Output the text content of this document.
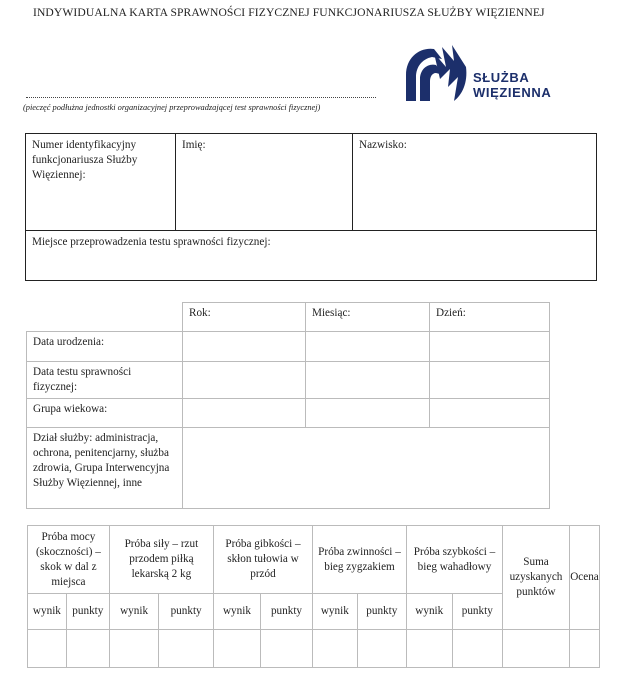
INDYWIDUALNA KARTA SPRAWNOŚCI FIZYCZNEJ FUNKCJONARIUSZA SŁUŻBY WIĘZIENNEJ
SŁUŻBA
WIĘZIENNA
(pieczęć podłużna jednostki organizacyjnej przeprowadzającej test sprawności fizycznej)
Numer identyfikacyjny funkcjonariusza Służby Więziennej:	Imię:	Nazwisko:
Miejsce przeprowadzenia testu sprawności fizycznej:
	Rok:	Miesiąc:	Dzień:
Data urodzenia:			
Data testu sprawności fizycznej:			
Grupa wiekowa:			
Dział służby: administracja, ochrona, penitencjarny, służba zdrowia, Grupa Interwencyjna Służby Więziennej, inne			
Próba mocy (skoczności) – skok w dal z miejsca		Próba siły – rzut przodem piłką lekarską 2 kg		Próba gibkości – skłon tułowia w przód		Próba zwinności – bieg zygzakiem		Próba szybkości – bieg wahadłowy		Suma uzyskanych punktów	Ocena
wynik	punkty	wynik	punkty	wynik	punkty	wynik	punkty	wynik	punkty		
